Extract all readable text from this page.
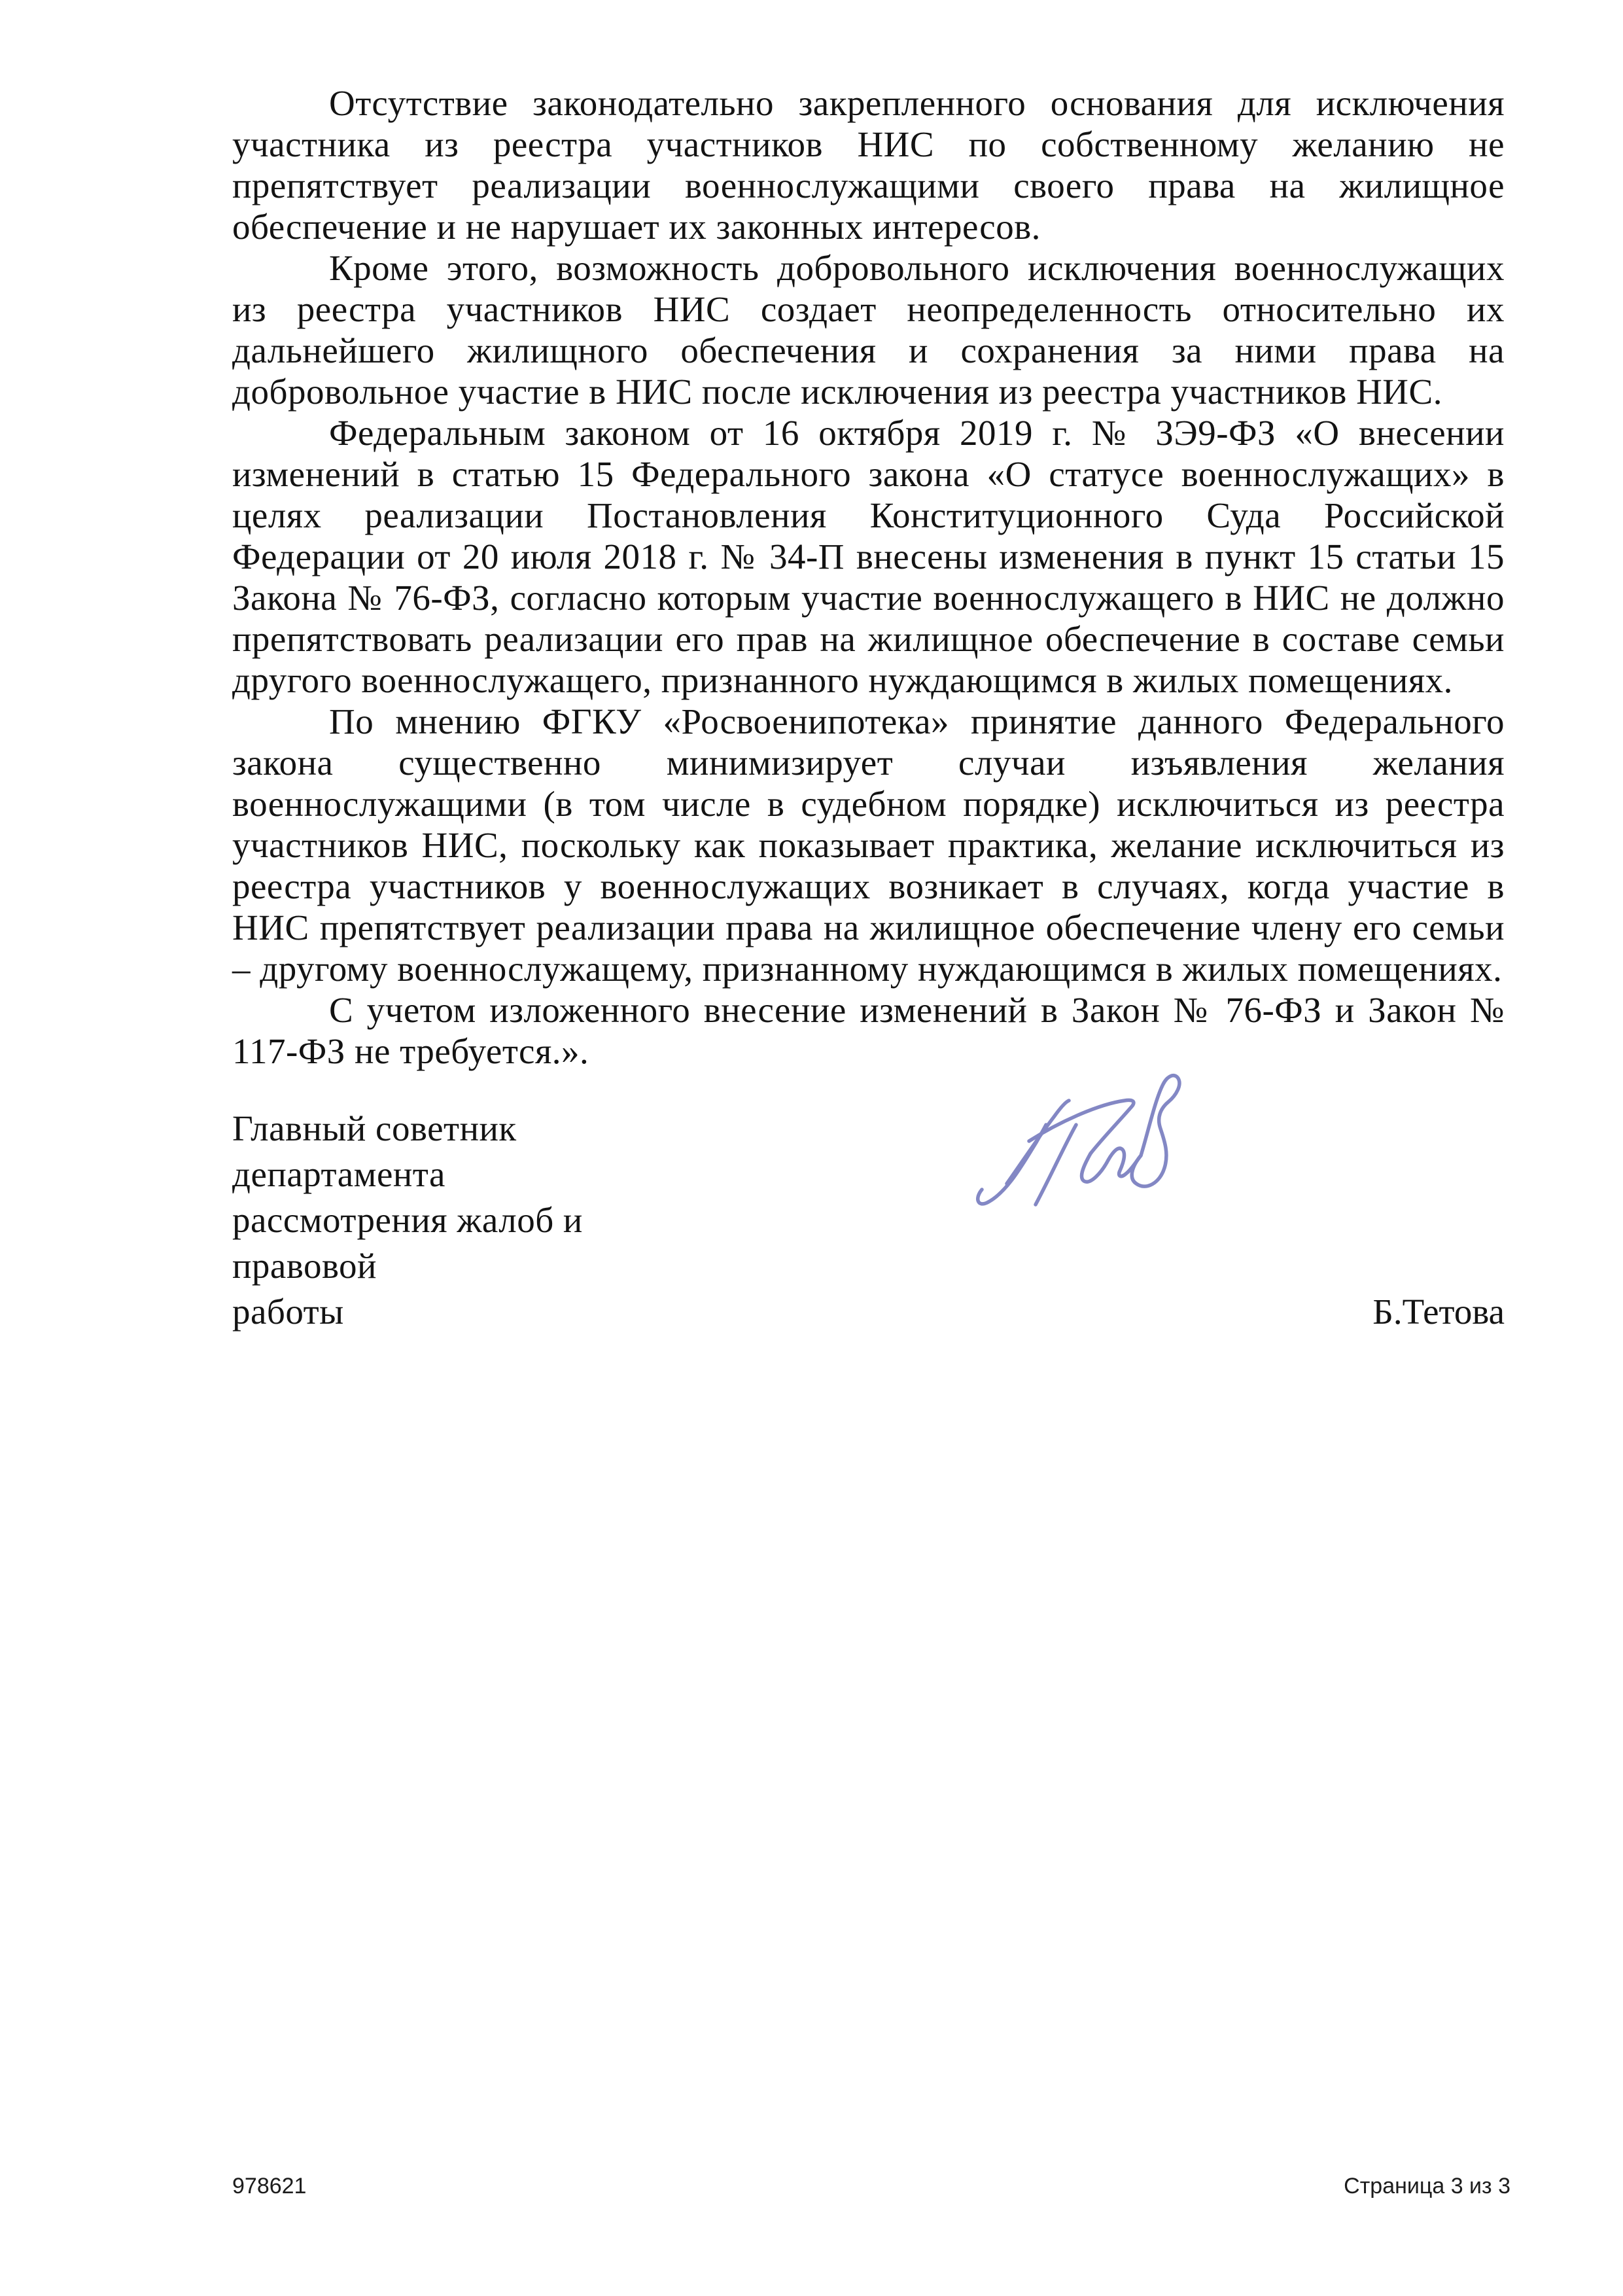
Отсутствие законодательно закрепленного основания для исключения участника из реестра участников НИС по собственному желанию не препятствует реализации военнослужащими своего права на жилищное обеспечение и не нарушает их законных интересов.

Кроме этого, возможность добровольного исключения военнослужащих из реестра участников НИС создает неопределенность относительно их дальнейшего жилищного обеспечения и сохранения за ними права на добровольное участие в НИС после исключения из реестра участников НИС.

Федеральным законом от 16 октября 2019 г. № ЗЭ9-ФЗ «О внесении изменений в статью 15 Федерального закона «О статусе военнослужащих» в целях реализации Постановления Конституционного Суда Российской Федерации от 20 июля 2018 г. № 34-П внесены изменения в пункт 15 статьи 15 Закона № 76-ФЗ, согласно которым участие военнослужащего в НИС не должно препятствовать реализации его прав на жилищное обеспечение в составе семьи другого военнослужащего, признанного нуждающимся в жилых помещениях.

По мнению ФГКУ «Росвоенипотека» принятие данного Федерального закона существенно минимизирует случаи изъявления желания военнослужащими (в том числе в судебном порядке) исключиться из реестра участников НИС, поскольку как показывает практика, желание исключиться из реестра участников у военнослужащих возникает в случаях, когда участие в НИС препятствует реализации права на жилищное обеспечение члену его семьи – другому военнослужащему, признанному нуждающимся в жилых помещениях.

С учетом изложенного внесение изменений в Закон № 76-ФЗ и Закон № 117-ФЗ не требуется.».

Главный советник департамента

рассмотрения жалоб и правовой

работы	Б.Тетова
978621	Страница 3 из 3
